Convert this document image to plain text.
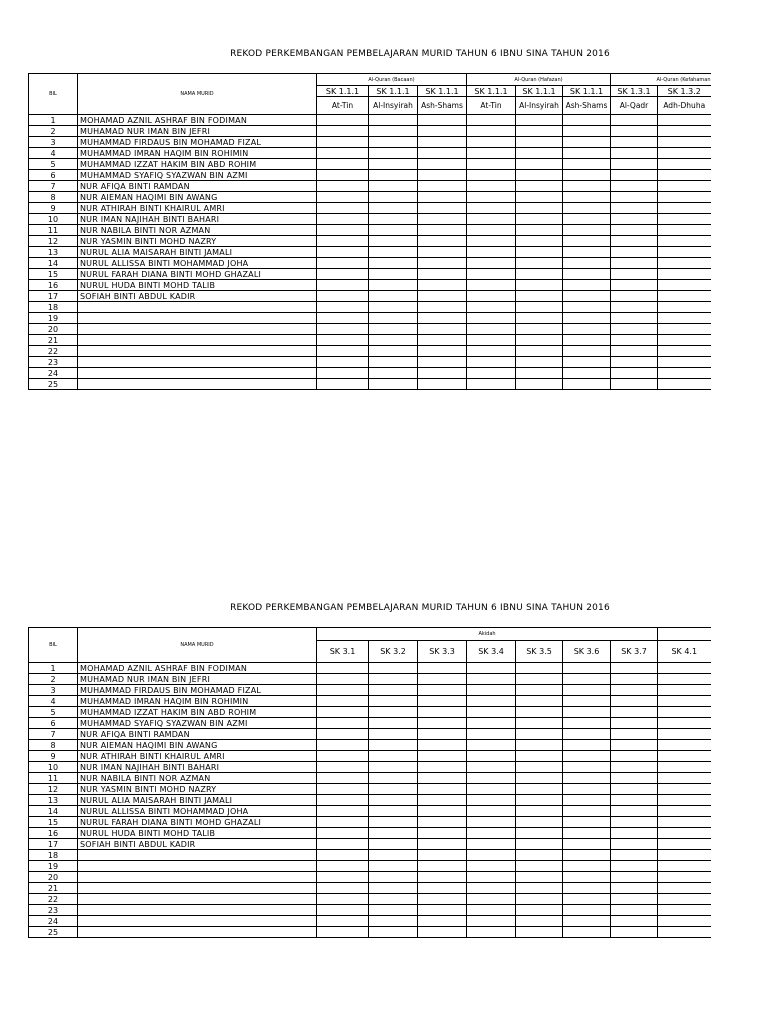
REKOD PERKEMBANGAN PEMBELAJARAN MURID TAHUN 6 IBNU SINA TAHUN 2016
BIL	NAMA MURID	Al-Quran (Bacaan)			Al-Quran (Hafazan)			Al-Quran (Kefahaman	
		SK 1.1.1	SK 1.1.1	SK 1.1.1	SK 1.1.1	SK 1.1.1	SK 1.1.1	SK 1.3.1	SK 1.3.2
		At-Tin	Al-Insyirah	Ash-Shams	At-Tin	Al-Insyirah	Ash-Shams	Al-Qadr	Adh-Dhuha
1	MOHAMAD AZNIL ASHRAF BIN FODIMAN								
2	MUHAMAD NUR IMAN BIN JEFRI								
3	MUHAMMAD FIRDAUS BIN MOHAMAD FIZAL								
4	MUHAMMAD IMRAN HAQIM BIN ROHIMIN								
5	MUHAMMAD IZZAT HAKIM BIN ABD ROHIM								
6	MUHAMMAD SYAFIQ SYAZWAN BIN AZMI								
7	NUR AFIQA BINTI RAMDAN								
8	NUR AIEMAN HAQIMI BIN AWANG								
9	NUR ATHIRAH BINTI KHAIRUL AMRI								
10	NUR IMAN NAJIHAH BINTI BAHARI								
11	NUR NABILA BINTI NOR AZMAN								
12	NUR YASMIN BINTI MOHD NAZRY								
13	NURUL ALIA MAISARAH BINTI JAMALI								
14	NURUL ALLISSA BINTI MOHAMMAD JOHA								
15	NURUL FARAH DIANA BINTI MOHD GHAZALI								
16	NURUL HUDA BINTI MOHD TALIB								
17	SOFIAH BINTI ABDUL KADIR								
18									
19									
20									
21									
22									
23									
24									
25									
REKOD PERKEMBANGAN PEMBELAJARAN MURID TAHUN 6 IBNU SINA TAHUN 2016
BIL	NAMA MURID	Akidah							
		SK 3.1	SK 3.2	SK 3.3	SK 3.4	SK 3.5	SK 3.6	SK 3.7	SK 4.1
1	MOHAMAD AZNIL ASHRAF BIN FODIMAN								
2	MUHAMAD NUR IMAN BIN JEFRI								
3	MUHAMMAD FIRDAUS BIN MOHAMAD FIZAL								
4	MUHAMMAD IMRAN HAQIM BIN ROHIMIN								
5	MUHAMMAD IZZAT HAKIM BIN ABD ROHIM								
6	MUHAMMAD SYAFIQ SYAZWAN BIN AZMI								
7	NUR AFIQA BINTI RAMDAN								
8	NUR AIEMAN HAQIMI BIN AWANG								
9	NUR ATHIRAH BINTI KHAIRUL AMRI								
10	NUR IMAN NAJIHAH BINTI BAHARI								
11	NUR NABILA BINTI NOR AZMAN								
12	NUR YASMIN BINTI MOHD NAZRY								
13	NURUL ALIA MAISARAH BINTI JAMALI								
14	NURUL ALLISSA BINTI MOHAMMAD JOHA								
15	NURUL FARAH DIANA BINTI MOHD GHAZALI								
16	NURUL HUDA BINTI MOHD TALIB								
17	SOFIAH BINTI ABDUL KADIR								
18									
19									
20									
21									
22									
23									
24									
25									
